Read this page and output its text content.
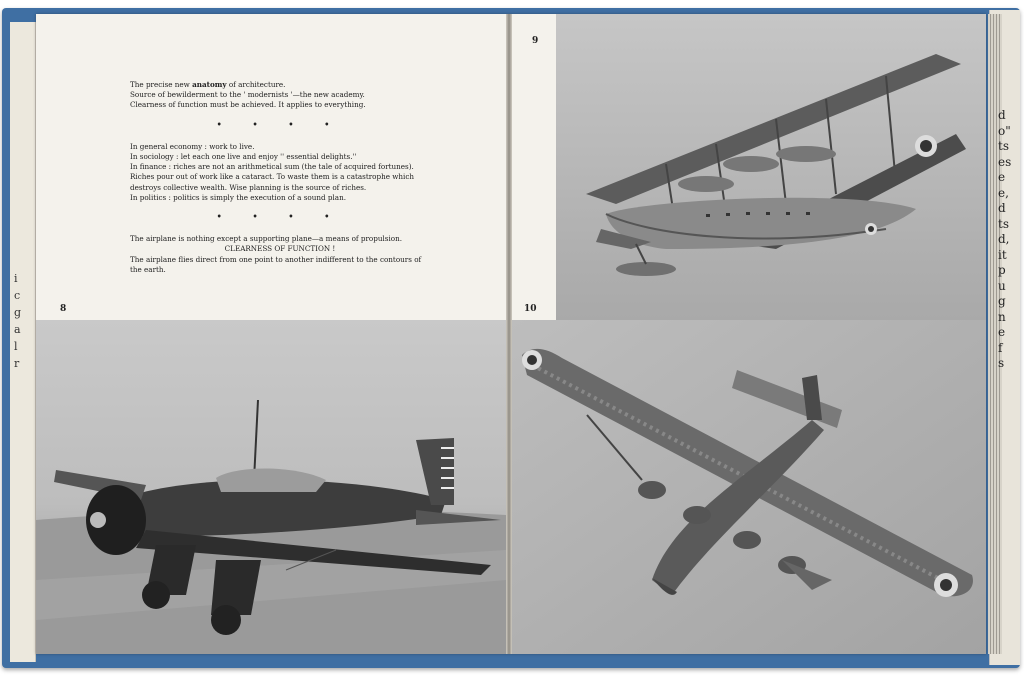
d
o"
ts
es
e
e,
d
ts
d,
it
p
u
g
n
e
f
s
i
c
g
a
l
r

The precise new anatomy of architecture.

Source of bewilderment to the ' modernists '—the new academy.

Clearness of function must be achieved. It applies to everything.

• • • •

In general economy : work to live.

In sociology : let each one live and enjoy '' essential delights.''

In finance : riches are not an arithmetical sum (the tale of acquired fortunes). Riches pour out of work like a cataract. To waste them is a catastrophe which destroys collective wealth. Wise planning is the source of riches.

In politics : politics is simply the execution of a sound plan.

• • • •

The airplane is nothing except a supporting plane—a means of propulsion.

CLEARNESS OF FUNCTION !

The airplane flies direct from one point to another indifferent to the contours of the earth.

8
9
10
